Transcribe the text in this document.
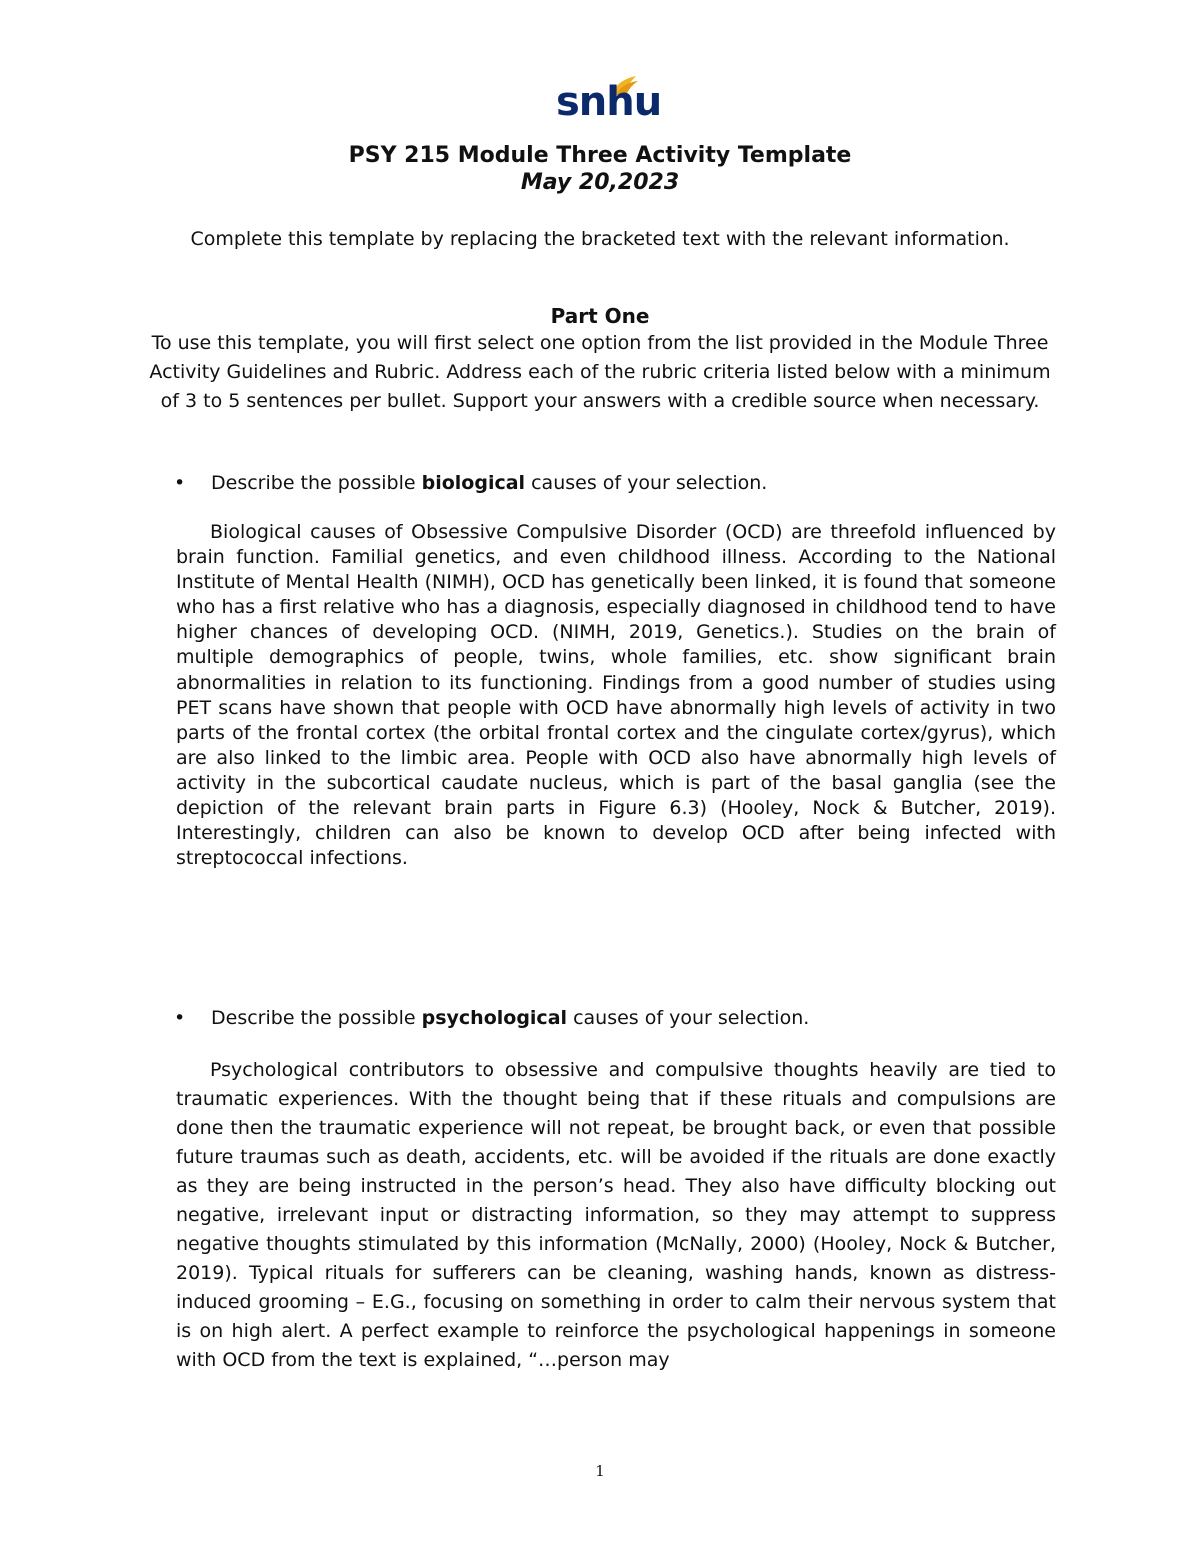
snhu
PSY 215 Module Three Activity Template
May 20,2023
Complete this template by replacing the bracketed text with the relevant information.
Part One
To use this template, you will first select one option from the list provided in the Module Three Activity Guidelines and Rubric. Address each of the rubric criteria listed below with a minimum of 3 to 5 sentences per bullet. Support your answers with a credible source when necessary.
• Describe the possible biological causes of your selection.
Biological causes of Obsessive Compulsive Disorder (OCD) are threefold influenced by brain function. Familial genetics, and even childhood illness. According to the National Institute of Mental Health (NIMH), OCD has genetically been linked, it is found that someone who has a first relative who has a diagnosis, especially diagnosed in childhood tend to have higher chances of developing OCD. (NIMH, 2019, Genetics.). Studies on the brain of multiple demographics of people, twins, whole families, etc. show significant brain abnormalities in relation to its functioning. Findings from a good number of studies using PET scans have shown that people with OCD have abnormally high levels of activity in two parts of the frontal cortex (the orbital frontal cortex and the cingulate cortex/gyrus), which are also linked to the limbic area. People with OCD also have abnormally high levels of activity in the subcortical caudate nucleus, which is part of the basal ganglia (see the depiction of the relevant brain parts in Figure 6.3) (Hooley, Nock & Butcher, 2019). Interestingly, children can also be known to develop OCD after being infected with streptococcal infections.
• Describe the possible psychological causes of your selection.
Psychological contributors to obsessive and compulsive thoughts heavily are tied to traumatic experiences. With the thought being that if these rituals and compulsions are done then the traumatic experience will not repeat, be brought back, or even that possible future traumas such as death, accidents, etc. will be avoided if the rituals are done exactly as they are being instructed in the person’s head. They also have difficulty blocking out negative, irrelevant input or distracting information, so they may attempt to suppress negative thoughts stimulated by this information (McNally, 2000) (Hooley, Nock & Butcher, 2019). Typical rituals for sufferers can be cleaning, washing hands, known as distress-induced grooming – E.G., focusing on something in order to calm their nervous system that is on high alert. A perfect example to reinforce the psychological happenings in someone with OCD from the text is explained, “…person may
1
